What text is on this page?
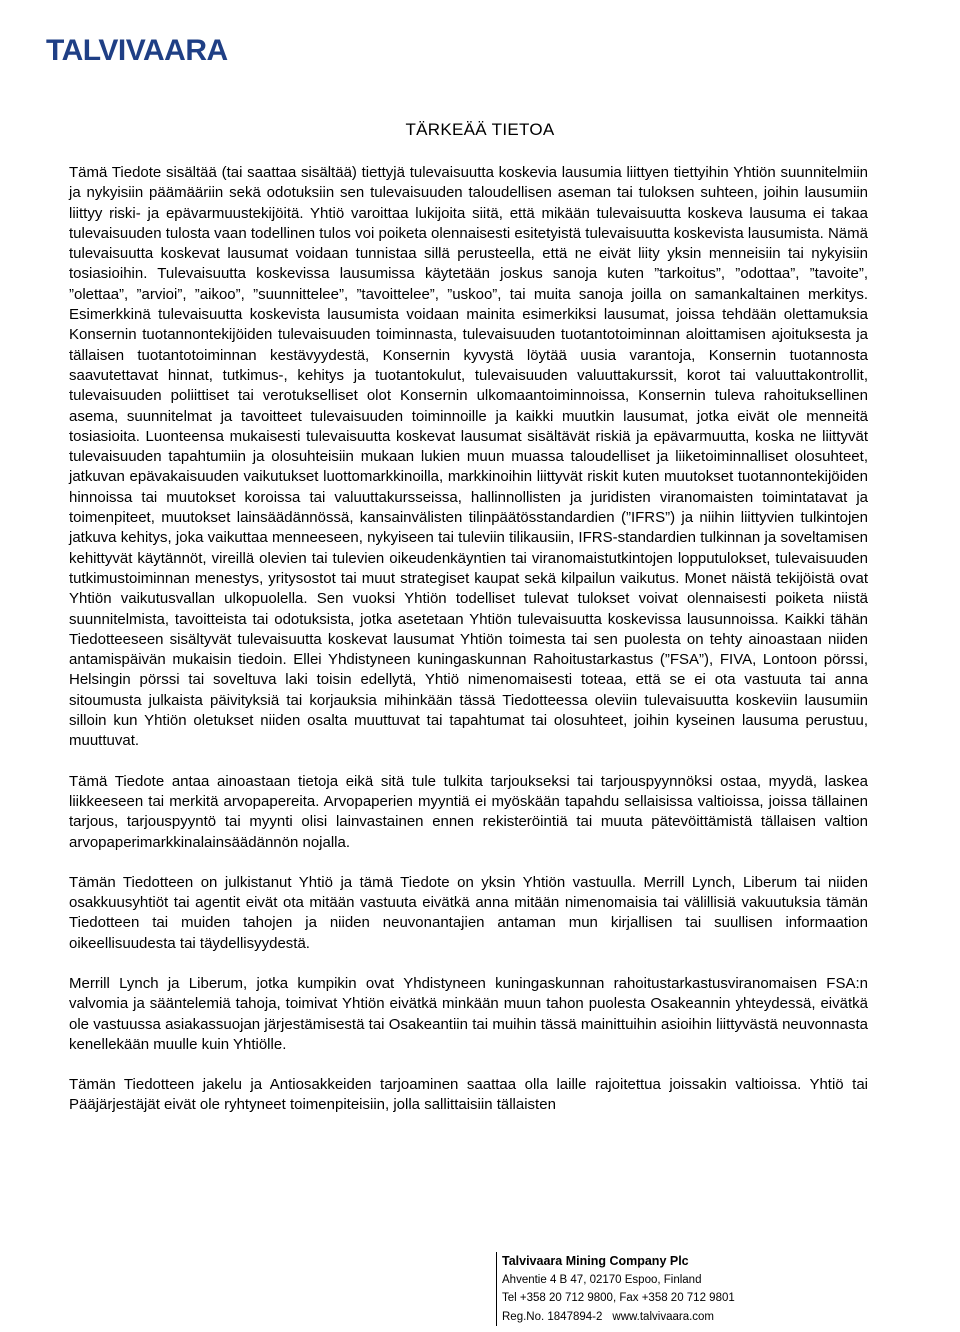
TALVIVAARA
TÄRKEÄÄ TIETOA

Tämä Tiedote sisältää (tai saattaa sisältää) tiettyjä tulevaisuutta koskevia lausumia liittyen tiettyihin Yhtiön suunnitelmiin ja nykyisiin päämääriin sekä odotuksiin sen tulevaisuuden taloudellisen aseman tai tuloksen suhteen, joihin lausumiin liittyy riski- ja epävarmuustekijöitä. Yhtiö varoittaa lukijoita siitä, että mikään tulevaisuutta koskeva lausuma ei takaa tulevaisuuden tulosta vaan todellinen tulos voi poiketa olennaisesti esitetyistä tulevaisuutta koskevista lausumista. Nämä tulevaisuutta koskevat lausumat voidaan tunnistaa sillä perusteella, että ne eivät liity yksin menneisiin tai nykyisiin tosiasioihin. Tulevaisuutta koskevissa lausumissa käytetään joskus sanoja kuten ”tarkoitus”, ”odottaa”, ”tavoite”, ”olettaa”, ”arvioi”, ”aikoo”, ”suunnittelee”, ”tavoittelee”, ”uskoo”, tai muita sanoja joilla on samankaltainen merkitys. Esimerkkinä tulevaisuutta koskevista lausumista voidaan mainita esimerkiksi lausumat, joissa tehdään olettamuksia Konsernin tuotannontekijöiden tulevaisuuden toiminnasta, tulevaisuuden tuotantotoiminnan aloittamisen ajoituksesta ja tällaisen tuotantotoiminnan kestävyydestä, Konsernin kyvystä löytää uusia varantoja, Konsernin tuotannosta saavutettavat hinnat, tutkimus-, kehitys ja tuotantokulut, tulevaisuuden valuuttakurssit, korot tai valuuttakontrollit, tulevaisuuden poliittiset tai verotukselliset olot Konsernin ulkomaantoiminnoissa, Konsernin tuleva rahoituksellinen asema, suunnitelmat ja tavoitteet tulevaisuuden toiminnoille ja kaikki muutkin lausumat, jotka eivät ole menneitä tosiasioita. Luonteensa mukaisesti tulevaisuutta koskevat lausumat sisältävät riskiä ja epävarmuutta, koska ne liittyvät tulevaisuuden tapahtumiin ja olosuhteisiin mukaan lukien muun muassa taloudelliset ja liiketoiminnalliset olosuhteet, jatkuvan epävakaisuuden vaikutukset luottomarkkinoilla, markkinoihin liittyvät riskit kuten muutokset tuotannontekijöiden hinnoissa tai muutokset koroissa tai valuuttakursseissa, hallinnollisten ja juridisten viranomaisten toimintatavat ja toimenpiteet, muutokset lainsäädännössä, kansainvälisten tilinpäätösstandardien (”IFRS”) ja niihin liittyvien tulkintojen jatkuva kehitys, joka vaikuttaa menneeseen, nykyiseen tai tuleviin tilikausiin, IFRS-standardien tulkinnan ja soveltamisen kehittyvät käytännöt, vireillä olevien tai tulevien oikeudenkäyntien tai viranomaistutkintojen lopputulokset, tulevaisuuden tutkimustoiminnan menestys, yritysostot tai muut strategiset kaupat sekä kilpailun vaikutus. Monet näistä tekijöistä ovat Yhtiön vaikutusvallan ulkopuolella. Sen vuoksi Yhtiön todelliset tulevat tulokset voivat olennaisesti poiketa niistä suunnitelmista, tavoitteista tai odotuksista, jotka asetetaan Yhtiön tulevaisuutta koskevissa lausunnoissa. Kaikki tähän Tiedotteeseen sisältyvät tulevaisuutta koskevat lausumat Yhtiön toimesta tai sen puolesta on tehty ainoastaan niiden antamispäivän mukaisin tiedoin. Ellei Yhdistyneen kuningaskunnan Rahoitustarkastus (”FSA”), FIVA, Lontoon pörssi, Helsingin pörssi tai soveltuva laki toisin edellytä, Yhtiö nimenomaisesti toteaa, että se ei ota vastuuta tai anna sitoumusta julkaista päivityksiä tai korjauksia mihinkään tässä Tiedotteessa oleviin tulevaisuutta koskeviin lausumiin silloin kun Yhtiön oletukset niiden osalta muuttuvat tai tapahtumat tai olosuhteet, joihin kyseinen lausuma perustuu, muuttuvat.

Tämä Tiedote antaa ainoastaan tietoja eikä sitä tule tulkita tarjoukseksi tai tarjouspyynnöksi ostaa, myydä, laskea liikkeeseen tai merkitä arvopapereita. Arvopaperien myyntiä ei myöskään tapahdu sellaisissa valtioissa, joissa tällainen tarjous, tarjouspyyntö tai myynti olisi lainvastainen ennen rekisteröintiä tai muuta pätevöittämistä tällaisen valtion arvopaperimarkkinalainsäädännön nojalla.

Tämän Tiedotteen on julkistanut Yhtiö ja tämä Tiedote on yksin Yhtiön vastuulla. Merrill Lynch, Liberum tai niiden osakkuusyhtiöt tai agentit eivät ota mitään vastuuta eivätkä anna mitään nimenomaisia tai välillisiä vakuutuksia tämän Tiedotteen tai muiden tahojen ja niiden neuvonantajien antaman mun kirjallisen tai suullisen informaation oikeellisuudesta tai täydellisyydestä.

Merrill Lynch ja Liberum, jotka kumpikin ovat Yhdistyneen kuningaskunnan rahoitustarkastusviranomaisen FSA:n valvomia ja sääntelemiä tahoja, toimivat Yhtiön eivätkä minkään muun tahon puolesta Osakeannin yhteydessä, eivätkä ole vastuussa asiakassuojan järjestämisestä tai Osakeantiin tai muihin tässä mainittuihin asioihin liittyvästä neuvonnasta kenellekään muulle kuin Yhtiölle.

Tämän Tiedotteen jakelu ja Antiosakkeiden tarjoaminen saattaa olla laille rajoitettua joissakin valtioissa. Yhtiö tai Pääjärjestäjät eivät ole ryhtyneet toimenpiteisiin, jolla sallittaisiin tällaisten

Talvivaara Mining Company Plc
Ahventie 4 B 47, 02170 Espoo, Finland
Tel +358 20 712 9800, Fax +358 20 712 9801
Reg.No. 1847894-2 www.talvivaara.com
